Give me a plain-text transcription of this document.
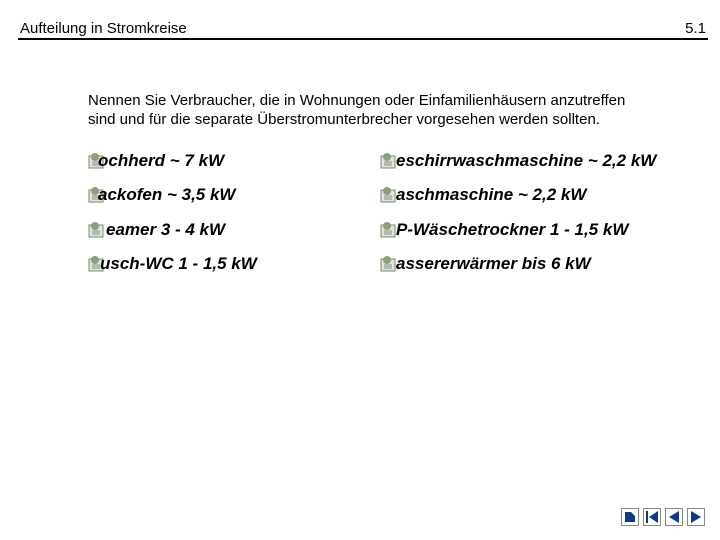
Aufteilung in Stromkreise	5.1
Nennen Sie Verbraucher, die in Wohnungen oder Einfamilienhäusern anzutreffen
sind und für die separate Überstromunterbrecher vorgesehen werden sollten.
ochherd ~ 7 kW
ackofen ~ 3,5 kW
eamer 3 - 4 kW
usch-WC 1 - 1,5 kW
eschirrwaschmaschine ~ 2,2 kW
aschmaschine ~ 2,2 kW
P-Wäschetrockner 1 - 1,5 kW
assererwärmer bis 6 kW
